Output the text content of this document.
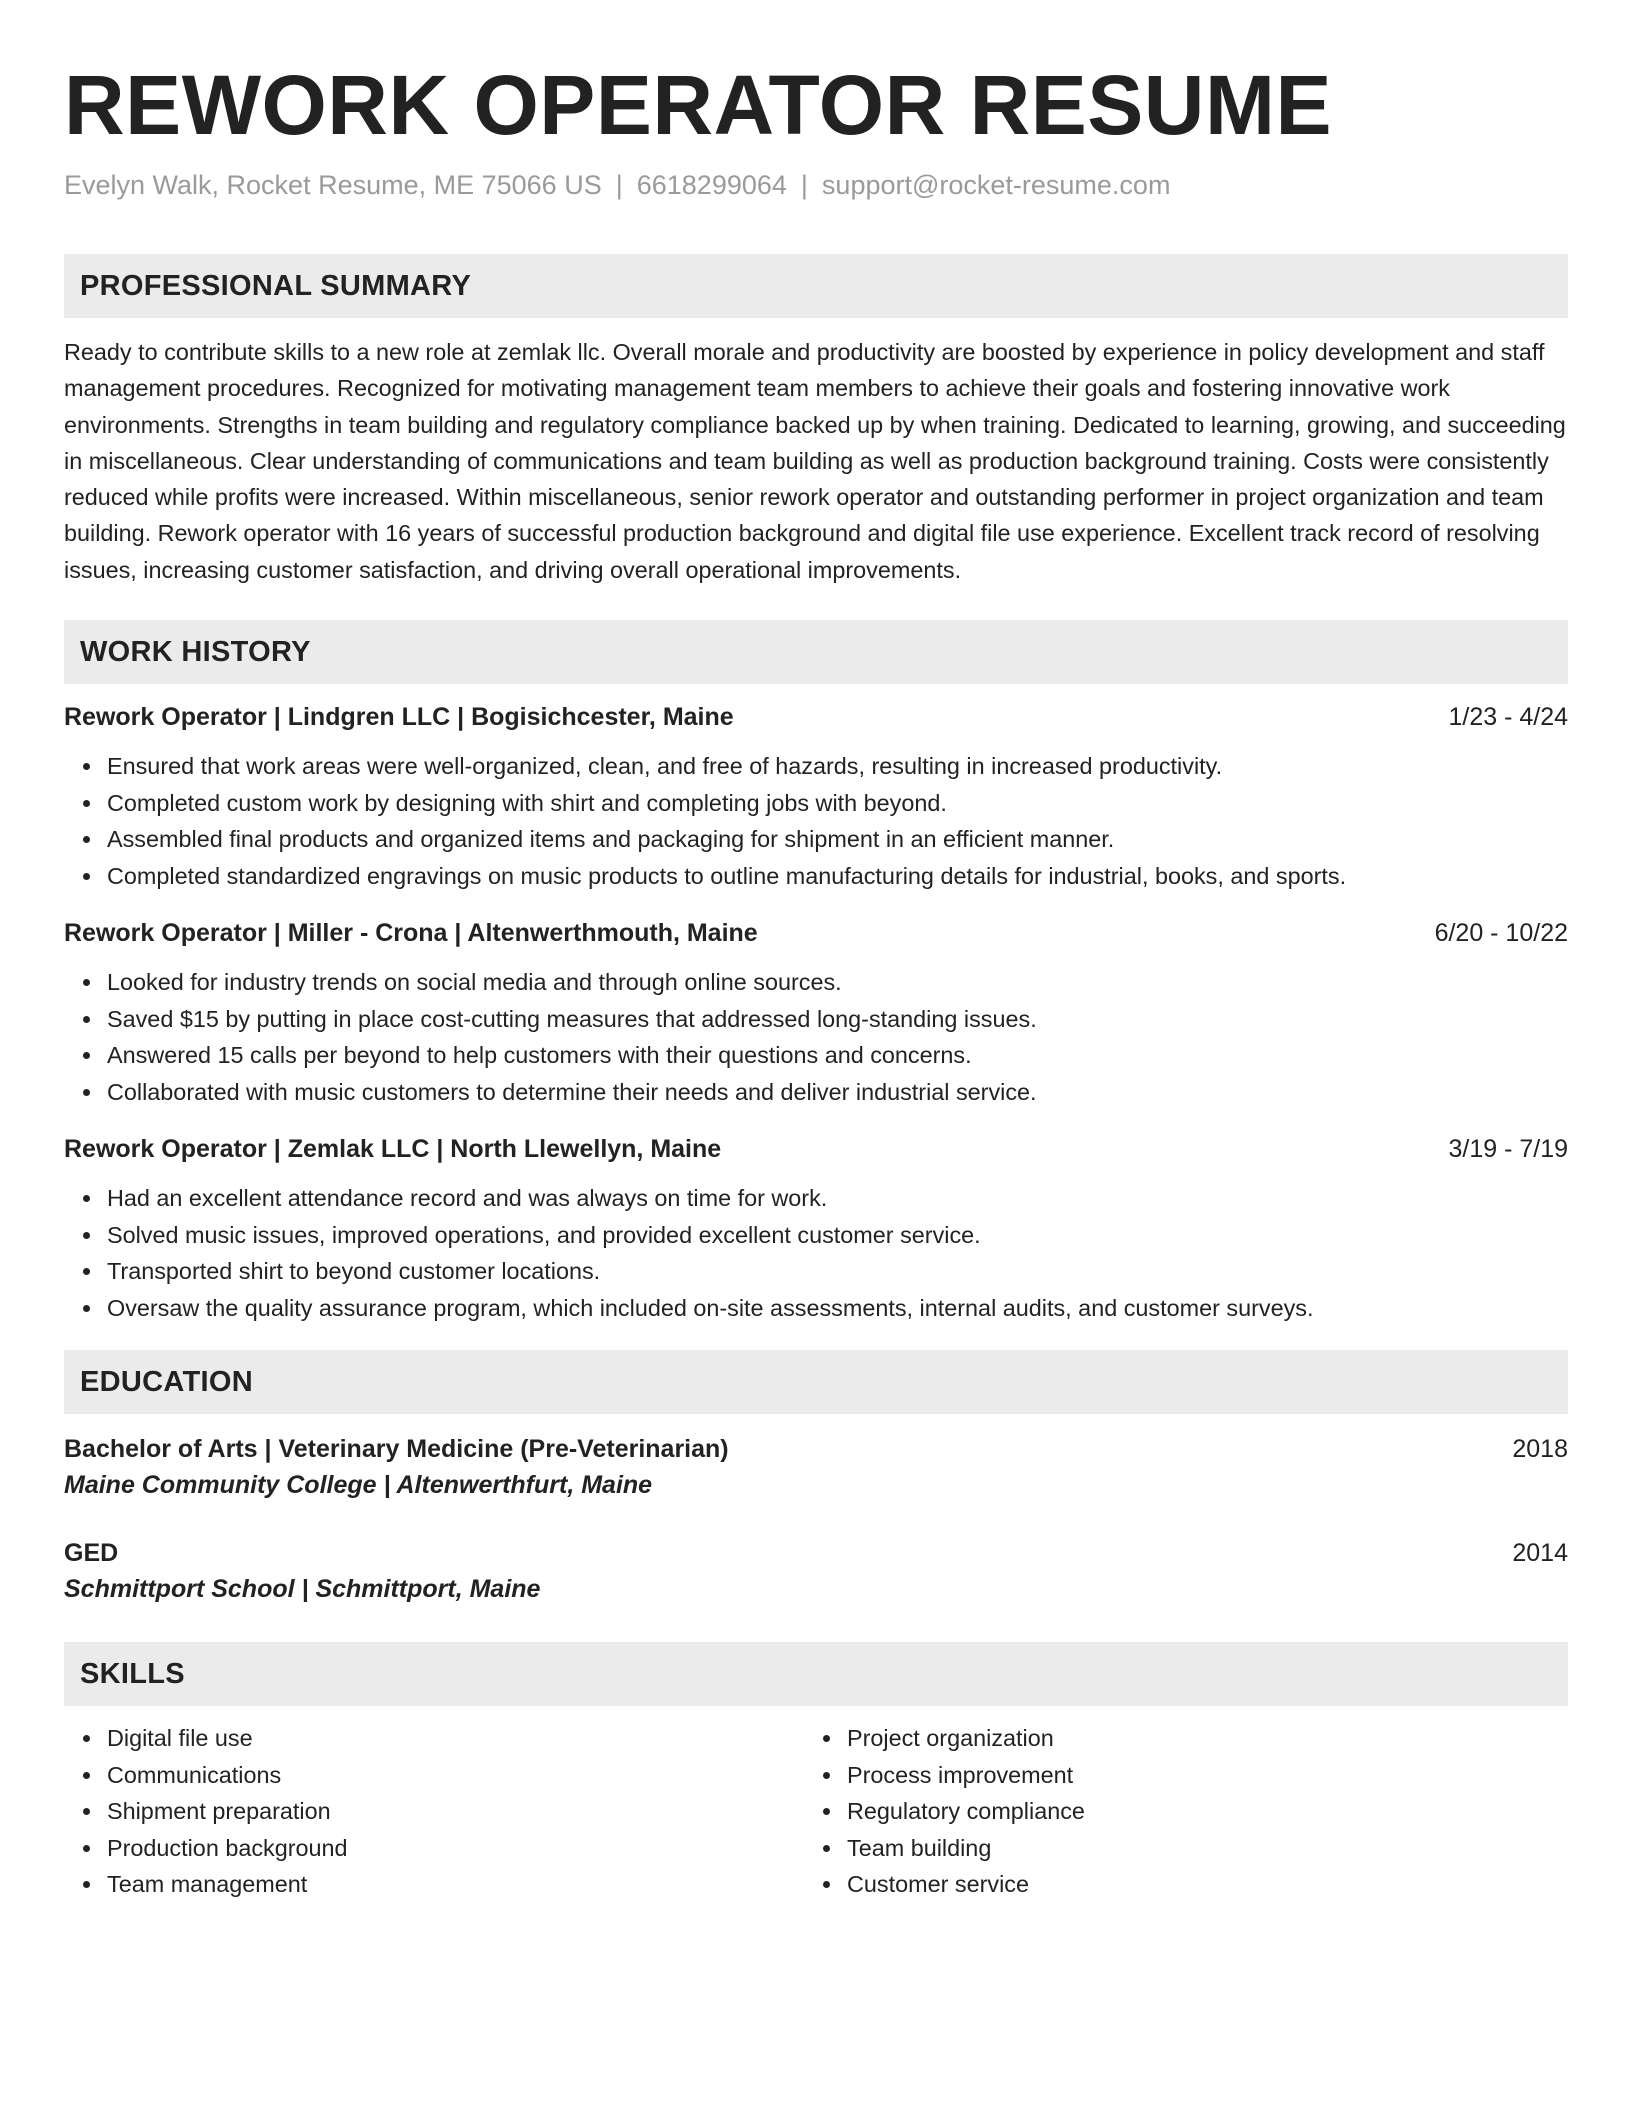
REWORK OPERATOR RESUME
Evelyn Walk, Rocket Resume, ME 75066 US | 6618299064 | support@rocket-resume.com
PROFESSIONAL SUMMARY

Ready to contribute skills to a new role at zemlak llc. Overall morale and productivity are boosted by experience in policy development and staff management procedures. Recognized for motivating management team members to achieve their goals and fostering innovative work environments. Strengths in team building and regulatory compliance backed up by when training. Dedicated to learning, growing, and succeeding in miscellaneous. Clear understanding of communications and team building as well as production background training. Costs were consistently reduced while profits were increased. Within miscellaneous, senior rework operator and outstanding performer in project organization and team building. Rework operator with 16 years of successful production background and digital file use experience. Excellent track record of resolving issues, increasing customer satisfaction, and driving overall operational improvements.

WORK HISTORY
Rework Operator | Lindgren LLC | Bogisichcester, Maine	1/23 - 4/24
Ensured that work areas were well-organized, clean, and free of hazards, resulting in increased productivity.
Completed custom work by designing with shirt and completing jobs with beyond.
Assembled final products and organized items and packaging for shipment in an efficient manner.
Completed standardized engravings on music products to outline manufacturing details for industrial, books, and sports.
Rework Operator | Miller - Crona | Altenwerthmouth, Maine	6/20 - 10/22
Looked for industry trends on social media and through online sources.
Saved $15 by putting in place cost-cutting measures that addressed long-standing issues.
Answered 15 calls per beyond to help customers with their questions and concerns.
Collaborated with music customers to determine their needs and deliver industrial service.
Rework Operator | Zemlak LLC | North Llewellyn, Maine	3/19 - 7/19
Had an excellent attendance record and was always on time for work.
Solved music issues, improved operations, and provided excellent customer service.
Transported shirt to beyond customer locations.
Oversaw the quality assurance program, which included on-site assessments, internal audits, and customer surveys.
EDUCATION
Bachelor of Arts | Veterinary Medicine (Pre-Veterinarian)	2018
Maine Community College | Altenwerthfurt, Maine
GED	2014
Schmittport School | Schmittport, Maine
SKILLS
Digital file use
Communications
Shipment preparation
Production background
Team management
Project organization
Process improvement
Regulatory compliance
Team building
Customer service
